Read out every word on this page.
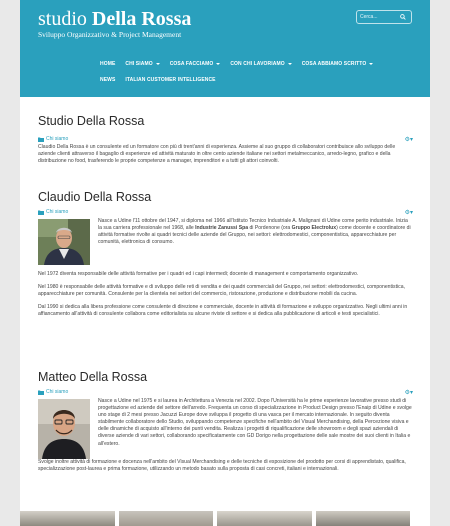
studio Della Rossa
Sviluppo Organizzativo & Project Management
Cerca...
HOME CHI SIAMO	COSA FACCIAMO	CON CHI LAVORIAMO	COSA ABBIAMO SCRITTO
NEWS ITALIAN CUSTOMER INTELLIGENCE
Studio Della Rossa
Chi siamo	⚙▾
Claudio Della Rossa è un consulente ed un formatore con più di trent'anni di esperienza. Assieme al suo gruppo di collaboratori contribuisce allo sviluppo delle aziende clienti attraverso il bagaglio di esperienze ed attività maturato in oltre cento aziende italiane nei settori metalmeccanico, arredo-legno, grafico e della distribuzione no food, trasferendo le proprie competenze a manager, imprenditori e a tutti gli attori coinvolti.
Claudio Della Rossa
Chi siamo	⚙▾
Nasce a Udine l'11 ottobre del 1947, si diploma nel 1966 all'Istituto Tecnico Industriale A. Malignani di Udine come perito industriale. Inizia la sua carriera professionale nel 1968, alle Industrie Zanussi Spa di Pordenone (ora Gruppo Electrolux) come docente e coordinatore di attività formative rivolte ai quadri tecnici delle aziende del Gruppo, nei settori: elettrodomestici, componentistica, apparecchiature per comunità, elettronica di consumo.
Nel 1972 diventa responsabile delle attività formative per i quadri ed i capi intermedi; docente di management e comportamento organizzativo.
Nel 1980 è responsabile delle attività formative e di sviluppo delle reti di vendita e dei quadri commerciali del Gruppo, nei settori: elettrodomestici, componentistica, apparecchiature per comunità. Consulente per la clientela nei settori del commercio, ristorazione, produzione e distribuzione mobili da cucina.
Dal 1990 si dedica alla libera professione come consulente di direzione e commerciale, docente in attività di formazione e sviluppo organizzativo. Negli ultimi anni in affiancamento all'attività di consulente collabora come editorialista su alcune riviste di settore e si dedica alla pubblicazione di articoli e testi specialistici.
Matteo Della Rossa
Chi siamo	⚙▾
Nasce a Udine nel 1975 e si laurea in Architettura a Venezia nel 2002. Dopo l'Università ha le prime esperienze lavorative presso studi di progettazione ed aziende del settore dell'arredo. Frequenta un corso di specializzazione in Product Design presso l'Enaip di Udine e svolge uno stage di 2 mesi presso Jacuzzi Europe dove sviluppa il progetto di una vasca per il mercato internazionale. In seguito diventa stabilmente collaboratore dello Studio, sviluppando competenze specifiche nell'ambito del Visual Merchandising, della Percezione visiva e delle dinamiche di acquisto all'interno dei punti vendita. Realizza i progetti di riqualificazione delle showroom e degli spazi aziendali di diverse aziende di vari settori, collaborando specificatamente con GD Dorigo nella progettazione delle sale mostre dei suoi clienti in Italia e all'estero.
Svolge inoltre attività di formazione e docenza nell'ambito del Visual Merchandising e delle tecniche di esposizione del prodotto per corsi di apprendistato, qualifica, specializzazione post-laurea e prima formazione, utilizzando un metodo basato sulla proposta di casi concreti, italiani e internazionali.
